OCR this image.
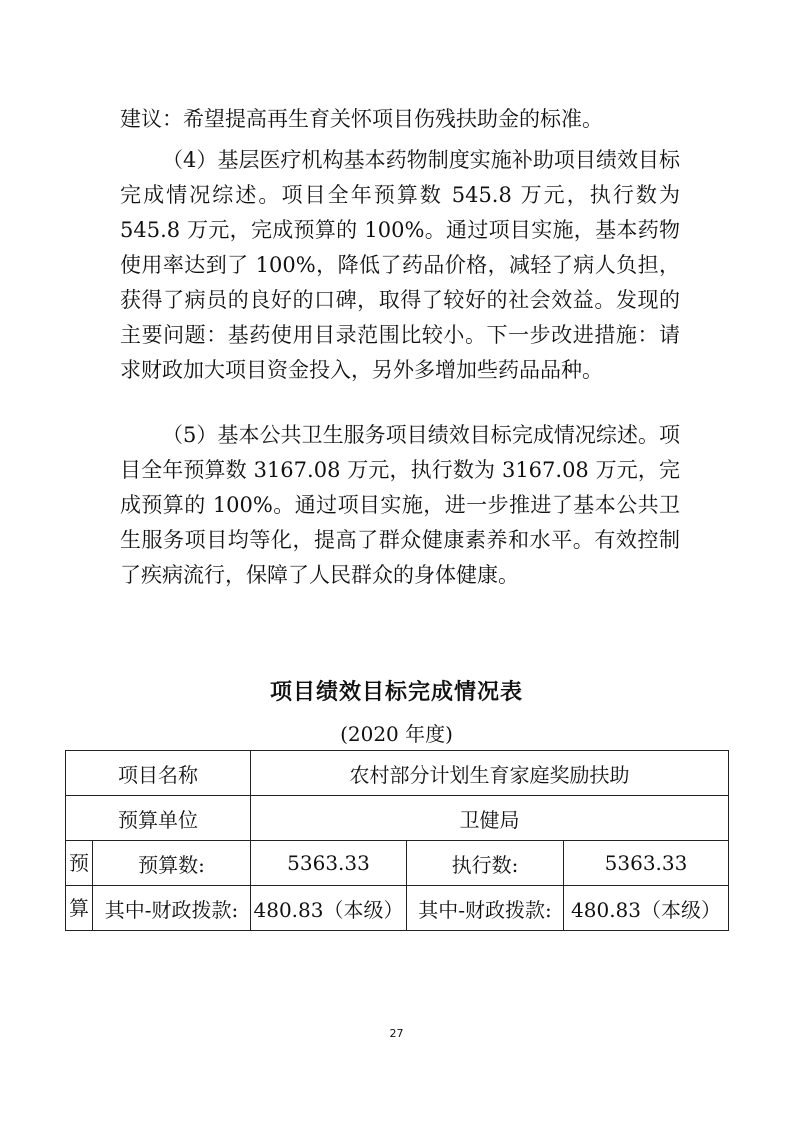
建议：希望提高再生育关怀项目伤残扶助金的标准。

（4）基层医疗机构基本药物制度实施补助项目绩效目标完成情况综述。项目全年预算数 545.8 万元，执行数为 545.8 万元，完成预算的 100%。通过项目实施，基本药物使用率达到了 100%，降低了药品价格，减轻了病人负担，获得了病员的良好的口碑，取得了较好的社会效益。发现的主要问题：基药使用目录范围比较小。下一步改进措施：请求财政加大项目资金投入，另外多增加些药品品种。

（5）基本公共卫生服务项目绩效目标完成情况综述。项目全年预算数 3167.08 万元，执行数为 3167.08 万元，完成预算的 100%。通过项目实施，进一步推进了基本公共卫生服务项目均等化，提高了群众健康素养和水平。有效控制了疾病流行，保障了人民群众的身体健康。

项目绩效目标完成情况表
(2020 年度)
项目名称		农村部分计划生育家庭奖励扶助		
预算单位		卫健局		
预	预算数:	5363.33	执行数:	5363.33
算	其中-财政拨款:	480.83（本级）	其中-财政拨款:	480.83（本级）
27
